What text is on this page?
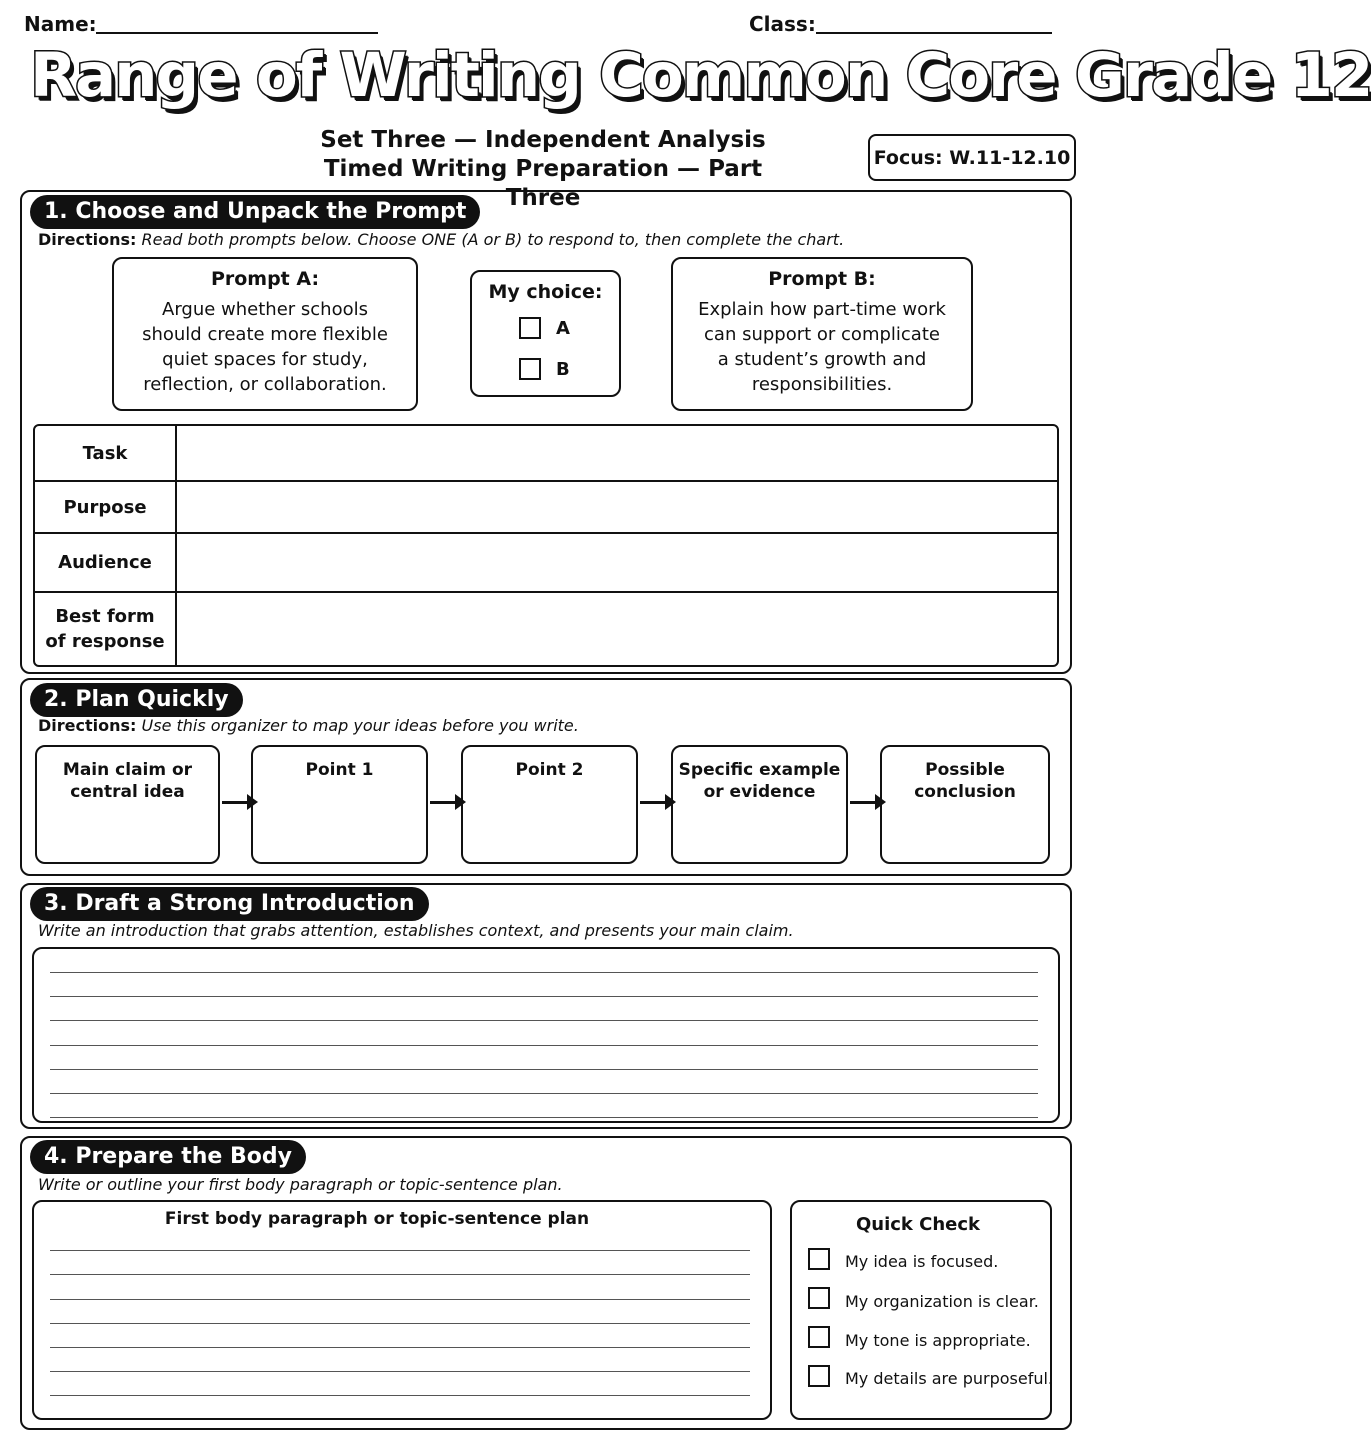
Name:	Class:
Range of Writing Common Core Grade 12
Set Three — Independent Analysis
Timed Writing Preparation — Part Three
Focus: W.11-12.10
1. Choose and Unpack the Prompt
Directions: Read both prompts below. Choose ONE (A or B) to respond to, then complete the chart.
Prompt A:
Argue whether schools
should create more flexible
quiet spaces for study,
reflection, or collaboration.
My choice:
A
B
Prompt B:
Explain how part-time work
can support or complicate
a student’s growth and
responsibilities.
Task
Purpose
Audience
Best form
of response
2. Plan Quickly
Directions: Use this organizer to map your ideas before you write.
Main claim or
central idea
Point 1	Point 2	Specific example
or evidence
Possible
conclusion
3. Draft a Strong Introduction
Write an introduction that grabs attention, establishes context, and presents your main claim.
4. Prepare the Body
Write or outline your first body paragraph or topic-sentence plan.
First body paragraph or topic-sentence plan	Quick Check
My idea is focused.
My organization is clear.
My tone is appropriate.
My details are purposeful.
